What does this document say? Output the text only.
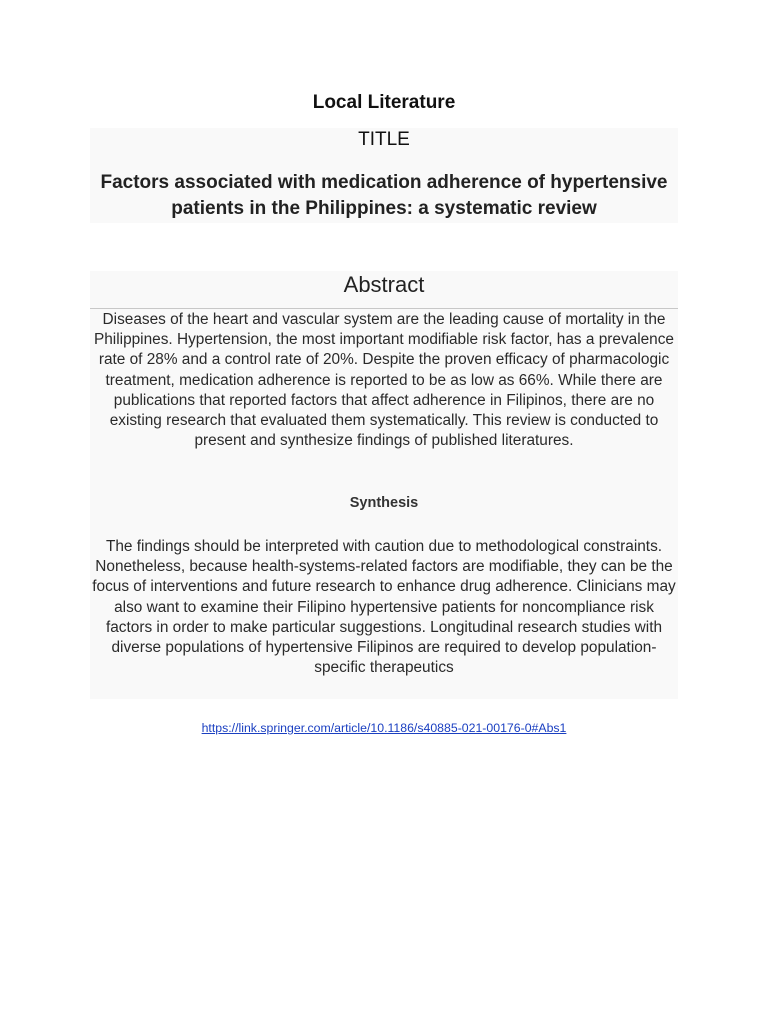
Local Literature
TITLE
Factors associated with medication adherence of hypertensive patients in the Philippines: a systematic review
Abstract
Diseases of the heart and vascular system are the leading cause of mortality in the Philippines. Hypertension, the most important modifiable risk factor, has a prevalence rate of 28% and a control rate of 20%. Despite the proven efficacy of pharmacologic treatment, medication adherence is reported to be as low as 66%. While there are publications that reported factors that affect adherence in Filipinos, there are no existing research that evaluated them systematically. This review is conducted to present and synthesize findings of published literatures.
Synthesis
The findings should be interpreted with caution due to methodological constraints. Nonetheless, because health-systems-related factors are modifiable, they can be the focus of interventions and future research to enhance drug adherence. Clinicians may also want to examine their Filipino hypertensive patients for noncompliance risk factors in order to make particular suggestions. Longitudinal research studies with diverse populations of hypertensive Filipinos are required to develop population-specific therapeutics
https://link.springer.com/article/10.1186/s40885-021-00176-0#Abs1
